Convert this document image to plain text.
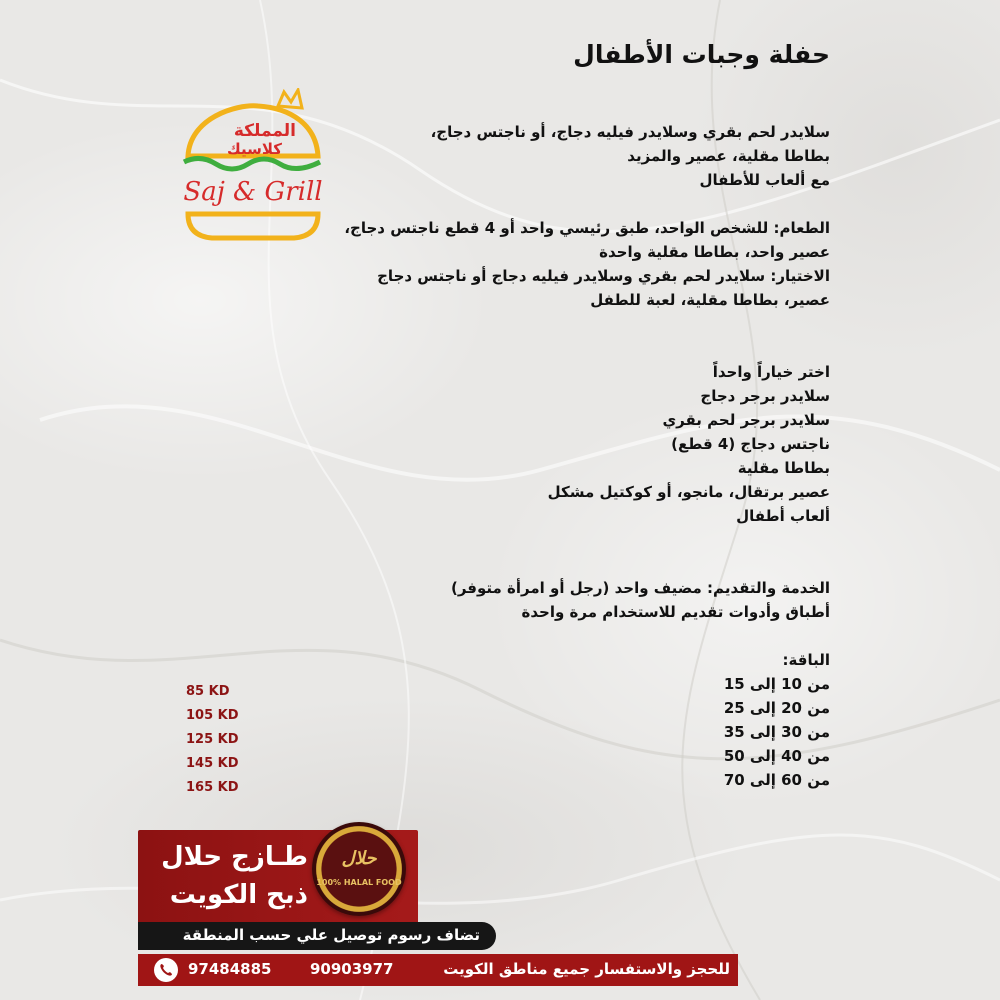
المملكة
كلاسيك
Saj & Grill
حفلة وجبات الأطفال
سلايدر لحم بقري وسلايدر فيليه دجاج، أو ناجتس دجاج،
بطاطا مقلية، عصير والمزيد
مع ألعاب للأطفال
الطعام: للشخص الواحد، طبق رئيسي واحد أو 4 قطع ناجتس دجاج،
عصير واحد، بطاطا مقلية واحدة
الاختيار: سلايدر لحم بقري وسلايدر فيليه دجاج أو ناجتس دجاج
عصير، بطاطا مقلية، لعبة للطفل
اختر خياراً واحداً
سلايدر برجر دجاج
سلايدر برجر لحم بقري
ناجتس دجاج (4 قطع)
بطاطا مقلية
عصير برتقال، مانجو، أو كوكتيل مشكل
ألعاب أطفال
الخدمة والتقديم: مضيف واحد (رجل أو امرأة متوفر)
أطباق وأدوات تقديم للاستخدام مرة واحدة
الباقة:
من 10 إلى 15
من 20 إلى 25
من 30 إلى 35
من 40 إلى 50
من 60 إلى 70
85 KD
105 KD
125 KD
145 KD
165 KD
طـازج حلال
ذبح الكويت
حلال
100% HALAL FOOD
تضاف رسوم توصيل علي حسب المنطقة
للحجز والاستفسار جميع مناطق الكويت
90903977
97484885
